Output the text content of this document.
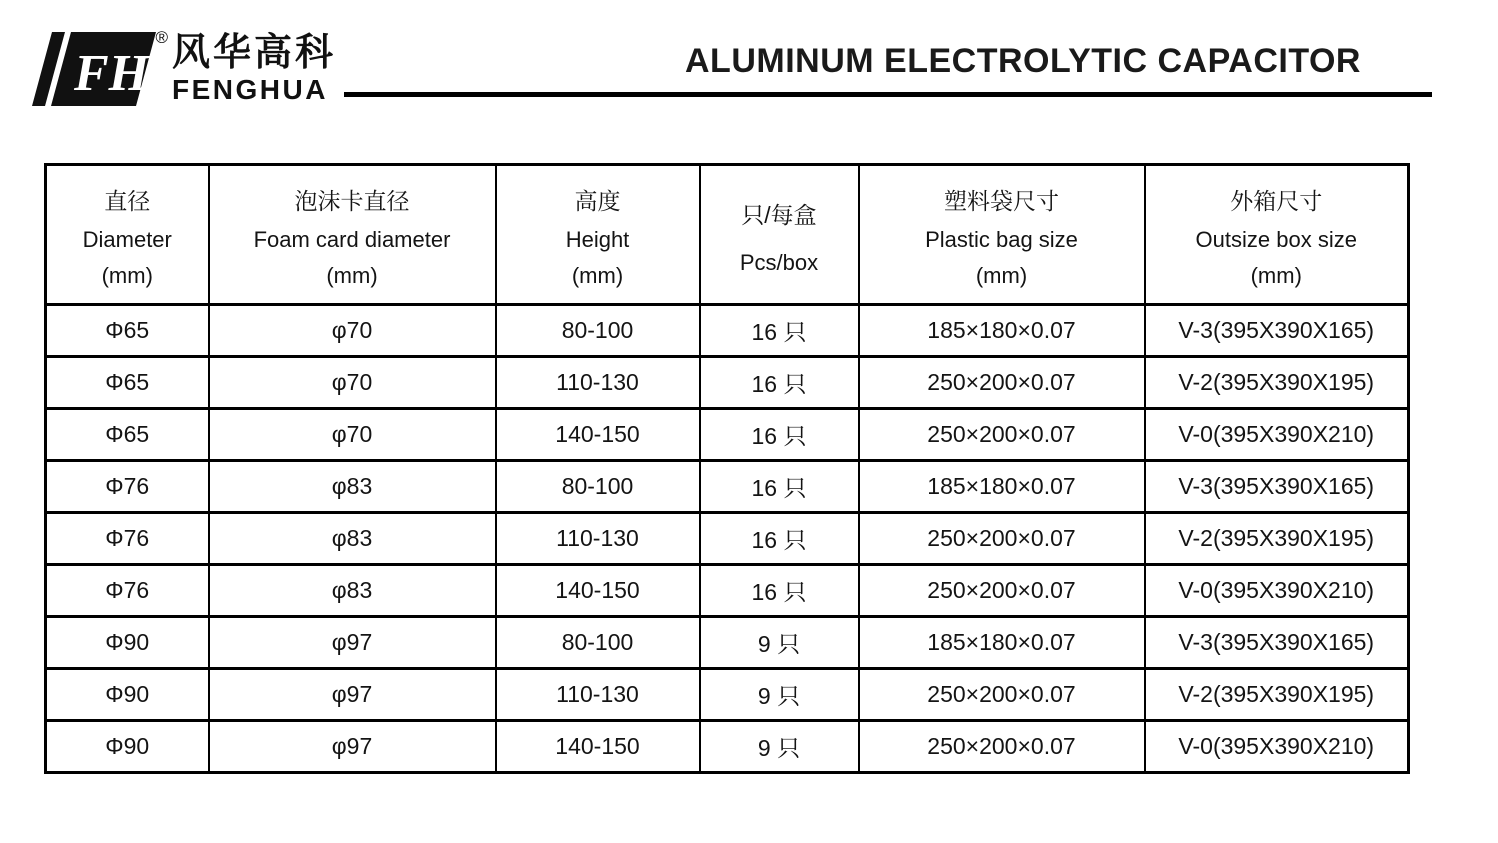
FH
® 风华高科
FENGHUA
ALUMINUM ELECTROLYTIC CAPACITOR
直径
Diameter
(mm)	泡沫卡直径
Foam card diameter
(mm)	高度
Height
(mm)	只/每盒
Pcs/box	塑料袋尺寸
Plastic bag size
(mm)	外箱尺寸
Outsize box size
(mm)

Φ65	φ70	80-100	16 只	185×180×0.07	V-3(395X390X165)
Φ65	φ70	110-130	16 只	250×200×0.07	V-2(395X390X195)
Φ65	φ70	140-150	16 只	250×200×0.07	V-0(395X390X210)
Φ76	φ83	80-100	16 只	185×180×0.07	V-3(395X390X165)
Φ76	φ83	110-130	16 只	250×200×0.07	V-2(395X390X195)
Φ76	φ83	140-150	16 只	250×200×0.07	V-0(395X390X210)
Φ90	φ97	80-100	9 只	185×180×0.07	V-3(395X390X165)
Φ90	φ97	110-130	9 只	250×200×0.07	V-2(395X390X195)
Φ90	φ97	140-150	9 只	250×200×0.07	V-0(395X390X210)
